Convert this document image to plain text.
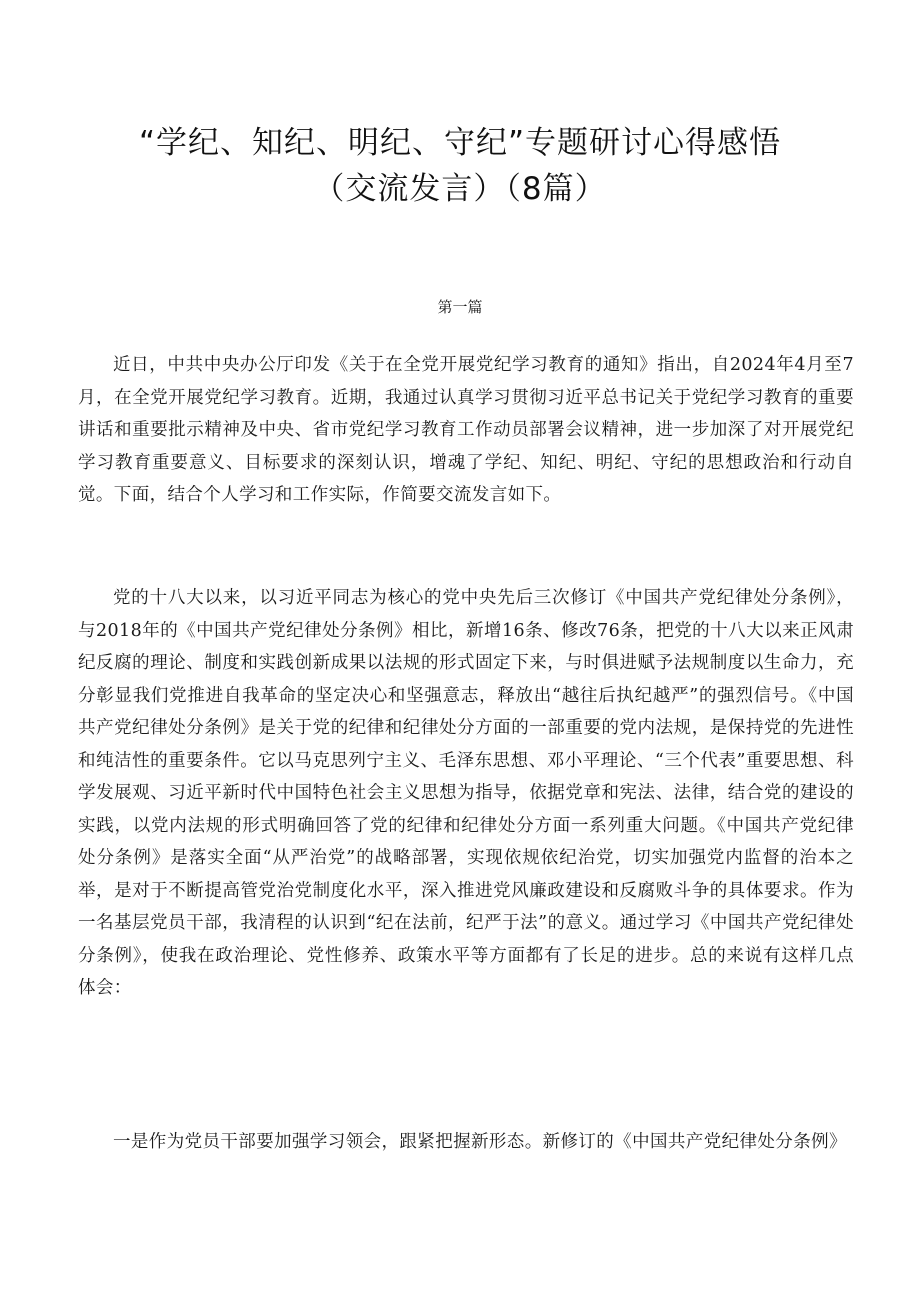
“学纪、知纪、明纪、守纪”专题研讨心得感悟
（交流发言）（8篇）
第一篇

近日，中共中央办公厅印发《关于在全党开展党纪学习教育的通知》指出，自2024年4月至7月，在全党开展党纪学习教育。近期，我通过认真学习贯彻习近平总书记关于党纪学习教育的重要讲话和重要批示精神及中央、省市党纪学习教育工作动员部署会议精神，进一步加深了对开展党纪学习教育重要意义、目标要求的深刻认识，增魂了学纪、知纪、明纪、守纪的思想政治和行动自觉。下面，结合个人学习和工作实际，作简要交流发言如下。

党的十八大以来，以习近平同志为核心的党中央先后三次修订《中国共产党纪律处分条例》，与2018年的《中国共产党纪律处分条例》相比，新增16条、修改76条，把党的十八大以来正风肃纪反腐的理论、制度和实践创新成果以法规的形式固定下来，与时俱进赋予法规制度以生命力，充分彰显我们党推进自我革命的坚定决心和坚强意志，释放出“越往后执纪越严”的强烈信号。《中国共产党纪律处分条例》是关于党的纪律和纪律处分方面的一部重要的党内法规，是保持党的先进性和纯洁性的重要条件。它以马克思列宁主义、毛泽东思想、邓小平理论、“三个代表”重要思想、科学发展观、习近平新时代中国特色社会主义思想为指导，依据党章和宪法、法律，结合党的建设的实践，以党内法规的形式明确回答了党的纪律和纪律处分方面一系列重大问题。《中国共产党纪律处分条例》是落实全面“从严治党”的战略部署，实现依规依纪治党，切实加强党内监督的治本之举，是对于不断提高管党治党制度化水平，深入推进党风廉政建设和反腐败斗争的具体要求。作为一名基层党员干部，我清程的认识到“纪在法前，纪严于法”的意义。通过学习《中国共产党纪律处分条例》，使我在政治理论、党性修养、政策水平等方面都有了长足的进步。总的来说有这样几点体会：

一是作为党员干部要加强学习领会，跟紧把握新形态。新修订的《中国共产党纪律处分条例》
